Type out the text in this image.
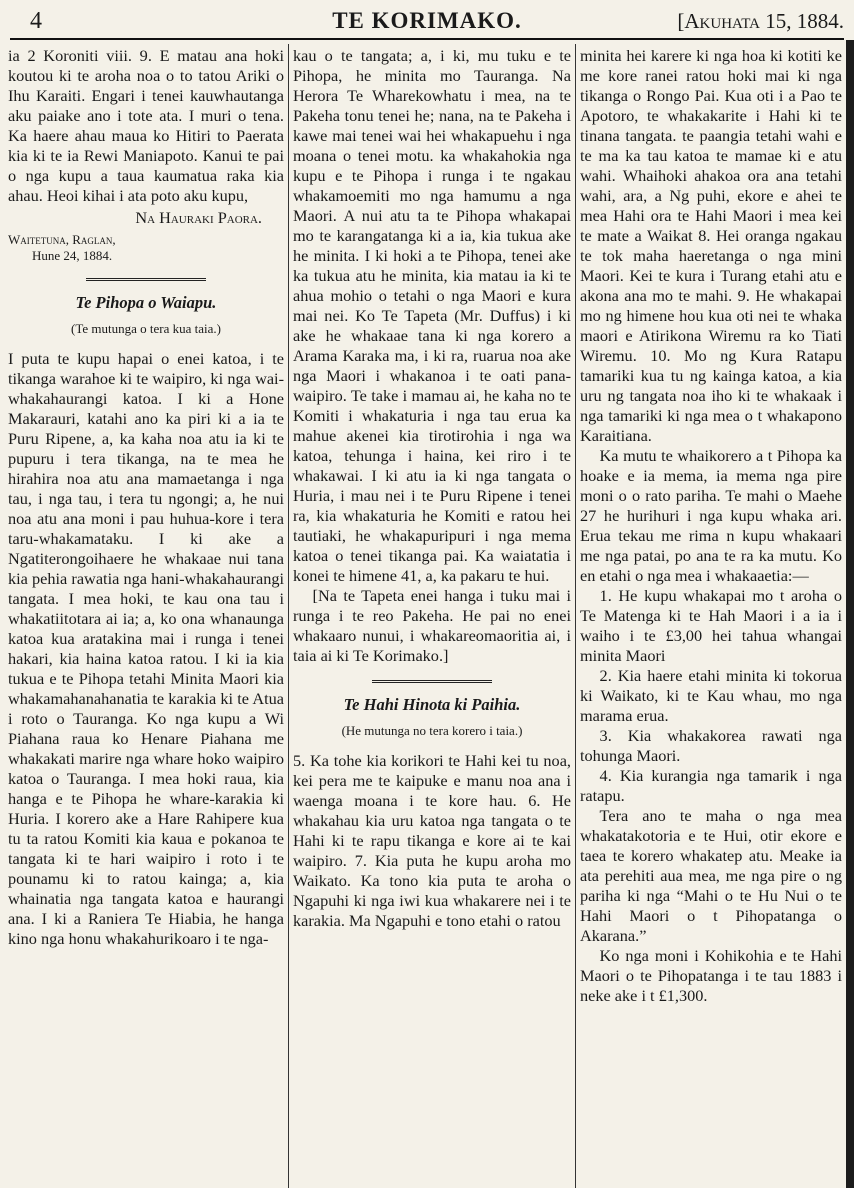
4	TE KORIMAKO.	[Akuhata 15, 1884.

ia 2 Koroniti viii. 9. E matau ana hoki koutou ki te aroha noa o to tatou Ariki o Ihu Karaiti. Engari i tenei kauwhautanga aku paiake ano i tote ata. I muri o tena. Ka haere ahau maua ko Hitiri to Paerata kia ki te ia Rewi Maniapoto. Kanui te pai o nga kupu a taua kaumatua raka kia ahau. Heoi kihai i ata poto aku kupu,

Na Hauraki Paora.
Waitetuna, Raglan,
Hune 24, 1884.
Te Pihopa o Waiapu.
(Te mutunga o tera kua taia.)

I puta te kupu hapai o enei katoa, i te tikanga warahoe ki te waipiro, ki nga wai-whakahaurangi katoa. I ki a Hone Makarauri, katahi ano ka piri ki a ia te Puru Ripene, a, ka kaha noa atu ia ki te pupuru i tera tikanga, na te mea he hirahira noa atu ana mamaetanga i nga tau, i nga tau, i tera tu ngongi; a, he nui noa atu ana moni i pau huhua-kore i tera taru-whakamataku. I ki ake a Ngatiterongoihaere he whakaae nui tana kia pehia rawatia nga hani-whakahaurangi tangata. I mea hoki, te kau ona tau i whakatiitotara ai ia; a, ko ona whanaunga katoa kua aratakina mai i runga i tenei hakari, kia haina katoa ratou. I ki ia kia tukua e te Pihopa tetahi Minita Maori kia whakamahanahanatia te karakia ki te Atua i roto o Tauranga. Ko nga kupu a Wi Piahana raua ko Henare Piahana me whakakati marire nga whare hoko waipiro katoa o Tauranga. I mea hoki raua, kia hanga e te Pihopa he whare-karakia ki Huria. I korero ake a Hare Rahipere kua tu ta ratou Komiti kia kaua e pokanoa te tangata ki te hari waipiro i roto i te pounamu ki to ratou kainga; a, kia whainatia nga tangata katoa e haurangi ana. I ki a Raniera Te Hiabia, he hanga kino nga honu whakahurikoaro i te nga-

kau o te tangata; a, i ki, mu tuku e te Pihopa, he minita mo Tauranga. Na Herora Te Wharekowhatu i mea, na te Pakeha tonu tenei he; nana, na te Pakeha i kawe mai tenei wai hei whakapuehu i nga moana o tenei motu. ka whakahokia nga kupu e te Pihopa i runga i te ngakau whakamoemiti mo nga hamumu a nga Maori. A nui atu ta te Pihopa whakapai mo te karangatanga ki a ia, kia tukua ake he minita. I ki hoki a te Pihopa, tenei ake ka tukua atu he minita, kia matau ia ki te ahua mohio o tetahi o nga Maori e kura mai nei. Ko Te Tapeta (Mr. Duffus) i ki ake he whakaae tana ki nga korero a Arama Karaka ma, i ki ra, ruarua noa ake nga Maori i whakanoa i te oati pana-waipiro. Te take i mamau ai, he kaha no te Komiti i whakaturia i nga tau erua ka mahue akenei kia tirotirohia i nga wa katoa, tehunga i haina, kei riro i te whakawai. I ki atu ia ki nga tangata o Huria, i mau nei i te Puru Ripene i tenei ra, kia whakaturia he Komiti e ratou hei tautiaki, he whakapuripuri i nga mema katoa o tenei tikanga pai. Ka waiatatia i konei te himene 41, a, ka pakaru te hui.

[Na te Tapeta enei hanga i tuku mai i runga i te reo Pakeha. He pai no enei whakaaro nunui, i whakareomaoritia ai, i taia ai ki Te Korimako.]

Te Hahi Hinota ki Paihia.
(He mutunga no tera korero i taia.)

5. Ka tohe kia korikori te Hahi kei tu noa, kei pera me te kaipuke e manu noa ana i waenga moana i te kore hau. 6. He whakahau kia uru katoa nga tangata o te Hahi ki te rapu tikanga e kore ai te kai waipiro. 7. Kia puta he kupu aroha mo Waikato. Ka tono kia puta te aroha o Ngapuhi ki nga iwi kua whakarere nei i te karakia. Ma Ngapuhi e tono etahi o ratou

minita hei karere ki nga hoa ki kotiti ke me kore ranei ratou hoki mai ki nga tikanga o Rongo Pai. Kua oti i a Pao te Apotoro, te whakakarite i Hahi ki te tinana tangata. te paangia tetahi wahi e te ma ka tau katoa te mamae ki e atu wahi. Whaihoki ahakoa ora ana tetahi wahi, ara, a Ng puhi, ekore e ahei te mea Hahi ora te Hahi Maori i mea kei te mate a Waikat 8. Hei oranga ngakau te tok maha haeretanga o nga mini Maori. Kei te kura i Turang etahi atu e akona ana mo te mahi. 9. He whakapai mo ng himene hou kua oti nei te whaka maori e Atirikona Wiremu ra ko Tiati Wiremu. 10. Mo ng Kura Ratapu tamariki kua tu ng kainga katoa, a kia uru ng tangata noa iho ki te whakaak i nga tamariki ki nga mea o t whakapono Karaitiana.

Ka mutu te whaikorero a t Pihopa ka hoake e ia mema, ia mema nga pire moni o o rato pariha. Te mahi o Maehe 27 he hurihuri i nga kupu whaka ari. Erua tekau me rima n kupu whakaari me nga patai, po ana te ra ka mutu. Ko en etahi o nga mea i whakaaetia:—

1. He kupu whakapai mo t aroha o Te Matenga ki te Hah Maori i a ia i waiho i te £3,00 hei tahua whangai minita Maori

2. Kia haere etahi minita ki tokorua ki Waikato, ki te Kau whau, mo nga marama erua.

3. Kia whakakorea rawati nga tohunga Maori.

4. Kia kurangia nga tamarik i nga ratapu.

Tera ano te maha o nga mea whakatakotoria e te Hui, otir ekore e taea te korero whakatep atu. Meake ia ata perehiti aua mea, me nga pire o ng pariha ki nga “Mahi o te Hu Nui o te Hahi Maori o t Pihopatanga o Akarana.”

Ko nga moni i Kohikohia e te Hahi Maori o te Pihopatanga i te tau 1883 i neke ake i t £1,300.
